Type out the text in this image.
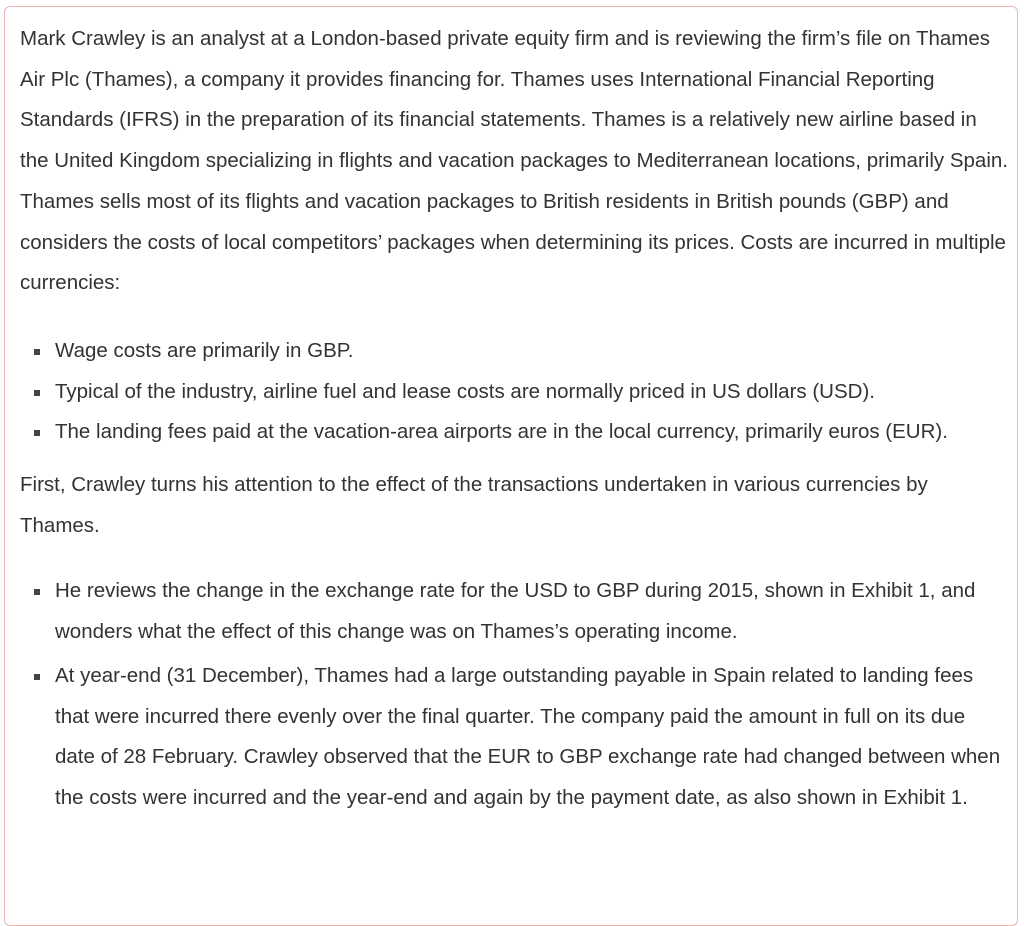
Mark Crawley is an analyst at a London-based private equity firm and is reviewing the firm’s file on Thames Air Plc (Thames), a company it provides financing for. Thames uses International Financial Reporting Standards (IFRS) in the preparation of its financial statements. Thames is a relatively new airline based in the United Kingdom specializing in flights and vacation packages to Mediterranean locations, primarily Spain. Thames sells most of its flights and vacation packages to British residents in British pounds (GBP) and considers the costs of local competitors’ packages when determining its prices. Costs are incurred in multiple currencies:

Wage costs are primarily in GBP.
Typical of the industry, airline fuel and lease costs are normally priced in US dollars (USD).
The landing fees paid at the vacation-area airports are in the local currency, primarily euros (EUR).

First, Crawley turns his attention to the effect of the transactions undertaken in various currencies by Thames.

He reviews the change in the exchange rate for the USD to GBP during 2015, shown in Exhibit 1, and wonders what the effect of this change was on Thames’s operating income.
At year-end (31 December), Thames had a large outstanding payable in Spain related to landing fees that were incurred there evenly over the final quarter. The company paid the amount in full on its due date of 28 February. Crawley observed that the EUR to GBP exchange rate had changed between when the costs were incurred and the year-end and again by the payment date, as also shown in Exhibit 1.
